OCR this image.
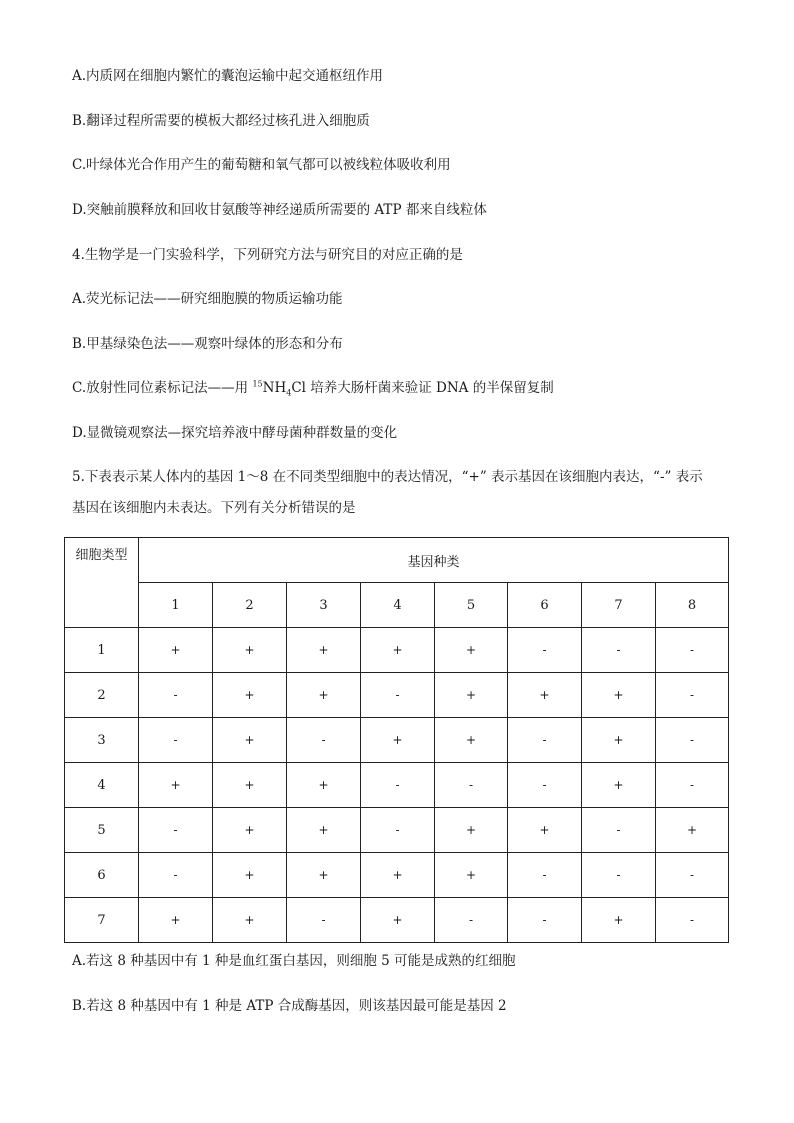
A.内质网在细胞内繁忙的囊泡运输中起交通枢纽作用
B.翻译过程所需要的模板大都经过核孔进入细胞质
C.叶绿体光合作用产生的葡萄糖和氧气都可以被线粒体吸收利用
D.突触前膜释放和回收甘氨酸等神经递质所需要的 ATP 都来自线粒体
4.生物学是一门实验科学，下列研究方法与研究目的对应正确的是
A.荧光标记法——研究细胞膜的物质运输功能
B.甲基绿染色法——观察叶绿体的形态和分布
C.放射性同位素标记法——用 $^{15}NH_4Cl$ 培养大肠杆菌来验证 DNA 的半保留复制
D.显微镜观察法—探究培养液中酵母菌种群数量的变化
5.下表表示某人体内的基因 1～8 在不同类型细胞中的表达情况，“+” 表示基因在该细胞内表达，“-” 表示
基因在该细胞内未表达。下列有关分析错误的是
细胞类型	基因种类							
	1	2	3	4	5	6	7	8
1	+	+	+	+	+	-	-	-
2	-	+	+	-	+	+	+	-
3	-	+	-	+	+	-	+	-
4	+	+	+	-	-	-	+	-
5	-	+	+	-	+	+	-	+
6	-	+	+	+	+	-	-	-
7	+	+	-	+	-	-	+	-
A.若这 8 种基因中有 1 种是血红蛋白基因，则细胞 5 可能是成熟的红细胞
B.若这 8 种基因中有 1 种是 ATP 合成酶基因，则该基因最可能是基因 2
